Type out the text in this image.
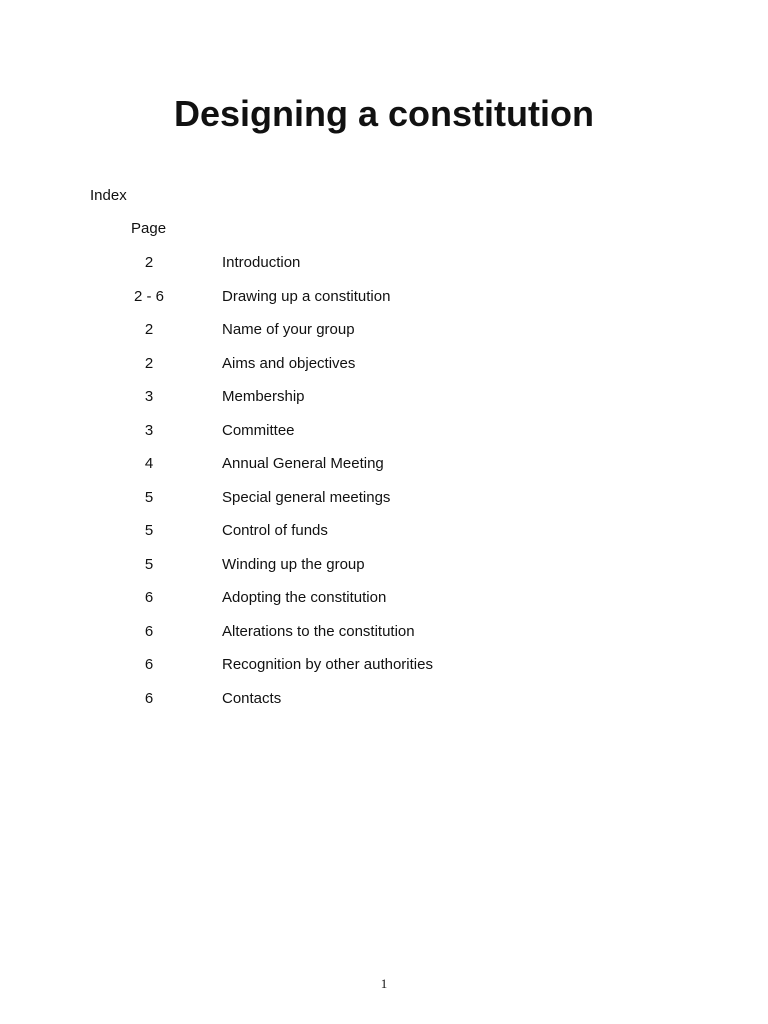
Designing a constitution
Index
Page
2	Introduction
2 - 6	Drawing up a constitution
2	Name of your group
2	Aims and objectives
3	Membership
3	Committee
4	Annual General Meeting
5	Special general meetings
5	Control of funds
5	Winding up the group
6	Adopting the constitution
6	Alterations to the constitution
6	Recognition by other authorities
6	Contacts
1
